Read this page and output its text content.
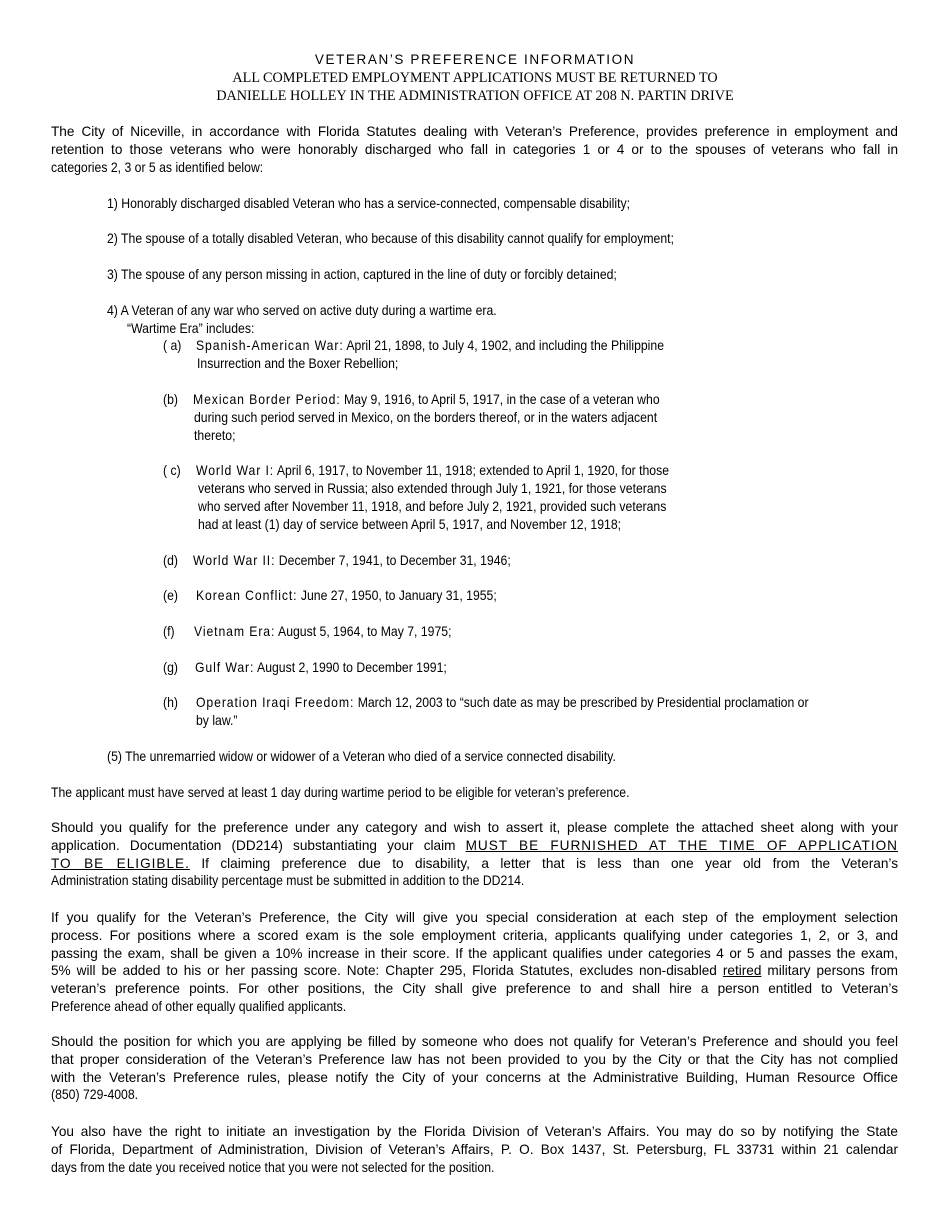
VETERAN’S PREFERENCE INFORMATION
ALL COMPLETED EMPLOYMENT APPLICATIONS MUST BE RETURNED TO
DANIELLE HOLLEY IN THE ADMINISTRATION OFFICE AT 208 N. PARTIN DRIVE
The City of Niceville, in accordance with Florida Statutes dealing with Veteran’s Preference, provides preference in employment and
retention to those veterans who were honorably discharged who fall in categories 1 or 4 or to the spouses of veterans who fall in
categories 2, 3 or 5 as identified below:
1) Honorably discharged disabled Veteran who has a service-connected, compensable disability;
2) The spouse of a totally disabled Veteran, who because of this disability cannot qualify for employment;
3) The spouse of any person missing in action, captured in the line of duty or forcibly detained;
4) A Veteran of any war who served on active duty during a wartime era.
“Wartime Era” includes:
( a) Spanish-American War: April 21, 1898, to July 4, 1902, and including the Philippine
Insurrection and the Boxer Rebellion;
(b) Mexican Border Period: May 9, 1916, to April 5, 1917, in the case of a veteran who
during such period served in Mexico, on the borders thereof, or in the waters adjacent
thereto;
( c) World War I: April 6, 1917, to November 11, 1918; extended to April 1, 1920, for those
veterans who served in Russia; also extended through July 1, 1921, for those veterans
who served after November 11, 1918, and before July 2, 1921, provided such veterans
had at least (1) day of service between April 5, 1917, and November 12, 1918;
(d) World War II: December 7, 1941, to December 31, 1946;
(e) Korean Conflict: June 27, 1950, to January 31, 1955;
(f) Vietnam Era: August 5, 1964, to May 7, 1975;
(g) Gulf War: August 2, 1990 to December 1991;
(h) Operation Iraqi Freedom: March 12, 2003 to “such date as may be prescribed by Presidential proclamation or
by law.”
(5) The unremarried widow or widower of a Veteran who died of a service connected disability.
The applicant must have served at least 1 day during wartime period to be eligible for veteran’s preference.
Should you qualify for the preference under any category and wish to assert it, please complete the attached sheet along with your
application. Documentation (DD214) substantiating your claim MUST BE FURNISHED AT THE TIME OF APPLICATION
TO BE ELIGIBLE. If claiming preference due to disability, a letter that is less than one year old from the Veteran’s
Administration stating disability percentage must be submitted in addition to the DD214.
If you qualify for the Veteran’s Preference, the City will give you special consideration at each step of the employment selection
process. For positions where a scored exam is the sole employment criteria, applicants qualifying under categories 1, 2, or 3, and
passing the exam, shall be given a 10% increase in their score. If the applicant qualifies under categories 4 or 5 and passes the exam,
5% will be added to his or her passing score. Note: Chapter 295, Florida Statutes, excludes non-disabled retired military persons from
veteran’s preference points. For other positions, the City shall give preference to and shall hire a person entitled to Veteran’s
Preference ahead of other equally qualified applicants.
Should the position for which you are applying be filled by someone who does not qualify for Veteran’s Preference and should you feel
that proper consideration of the Veteran’s Preference law has not been provided to you by the City or that the City has not complied
with the Veteran’s Preference rules, please notify the City of your concerns at the Administrative Building, Human Resource Office
(850) 729-4008.
You also have the right to initiate an investigation by the Florida Division of Veteran’s Affairs. You may do so by notifying the State
of Florida, Department of Administration, Division of Veteran’s Affairs, P. O. Box 1437, St. Petersburg, FL 33731 within 21 calendar
days from the date you received notice that you were not selected for the position.
